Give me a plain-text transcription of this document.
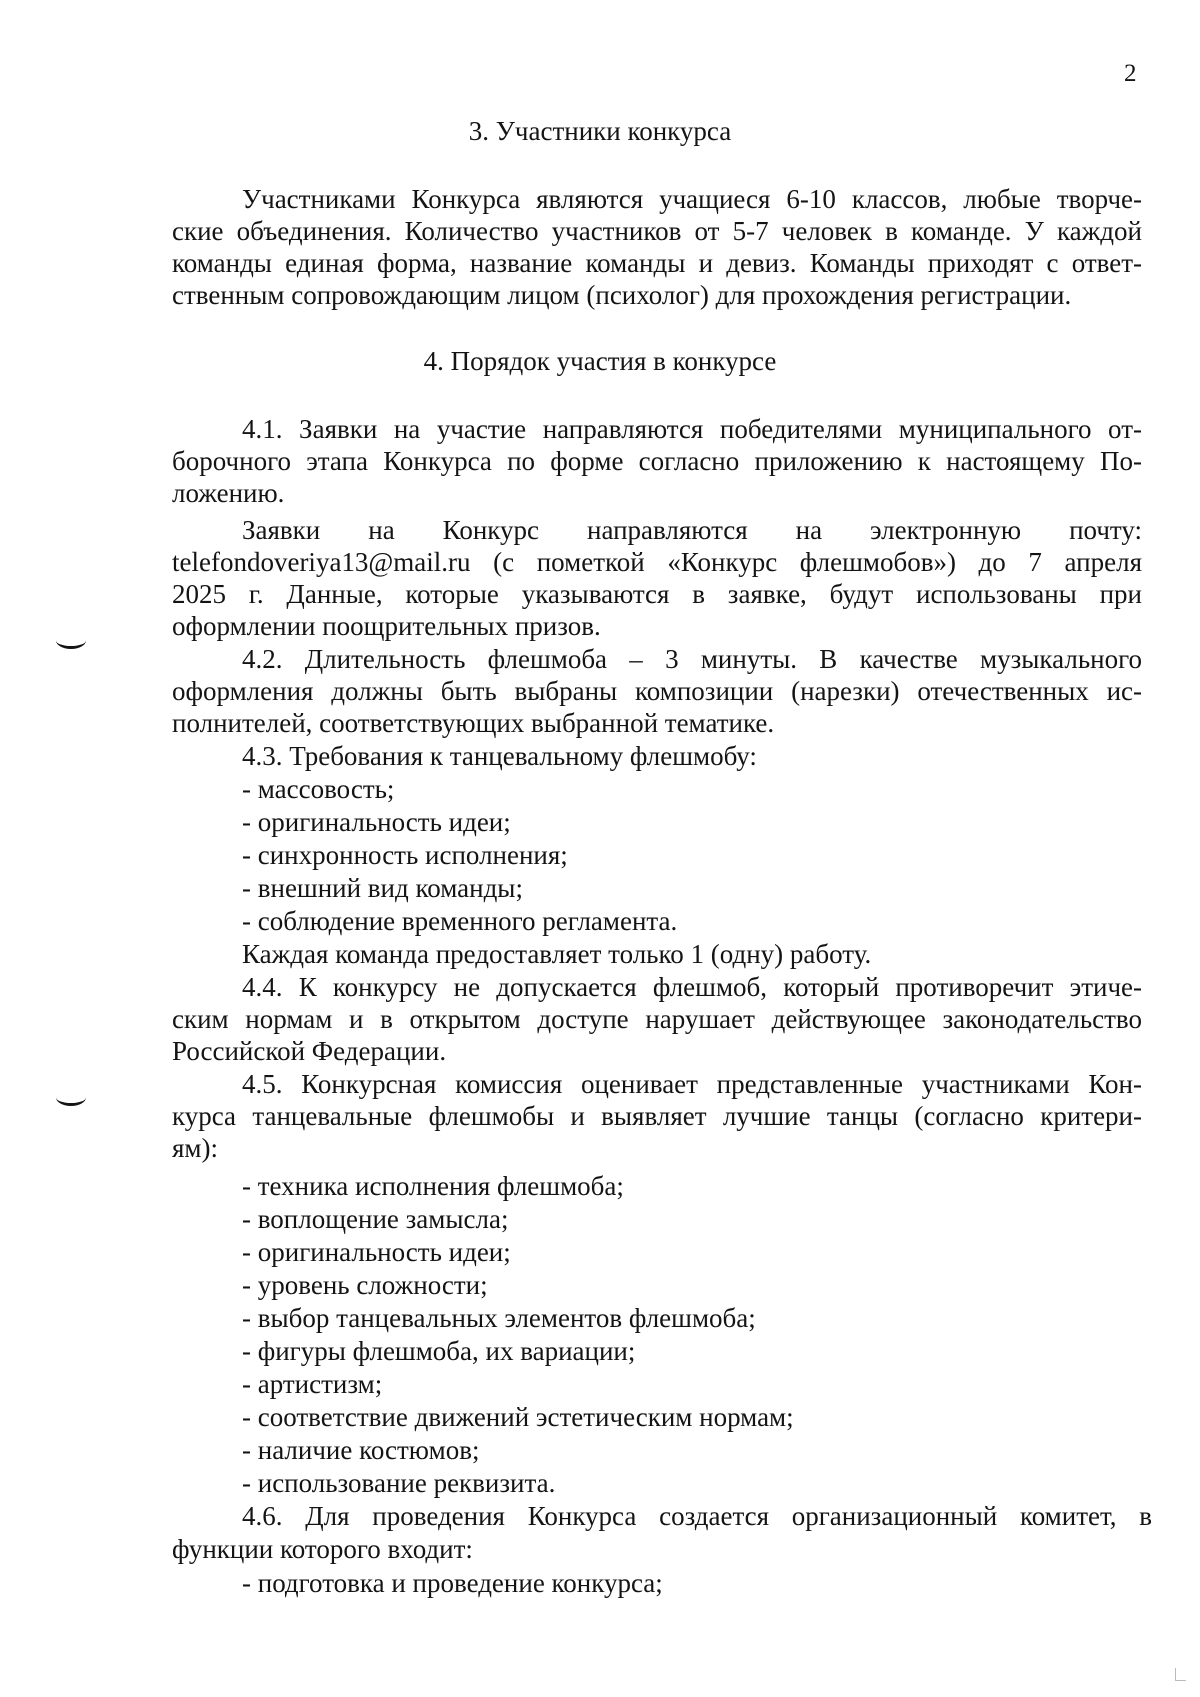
2
3. Участники конкурса
Участниками Конкурса являются учащиеся 6-10 классов, любые творче-
ские объединения. Количество участников от 5-7 человек в команде. У каждой
команды единая форма, название команды и девиз. Команды приходят с ответ-
ственным сопровождающим лицом (психолог) для прохождения регистрации.
4. Порядок участия в конкурсе
4.1. Заявки на участие направляются победителями муниципального от-
борочного этапа Конкурса по форме согласно приложению к настоящему По-
ложению.
Заявки на Конкурс направляются на электронную почту:
telefondoveriya13@mail.ru (с пометкой «Конкурс флешмобов») до 7 апреля
2025 г. Данные, которые указываются в заявке, будут использованы при
оформлении поощрительных призов.
4.2. Длительность флешмоба – 3 минуты. В качестве музыкального
оформления должны быть выбраны композиции (нарезки) отечественных ис-
полнителей, соответствующих выбранной тематике.
4.3. Требования к танцевальному флешмобу:
- массовость;
- оригинальность идеи;
- синхронность исполнения;
- внешний вид команды;
- соблюдение временного регламента.
Каждая команда предоставляет только 1 (одну) работу.
4.4. К конкурсу не допускается флешмоб, который противоречит этиче-
ским нормам и в открытом доступе нарушает действующее законодательство
Российской Федерации.
4.5. Конкурсная комиссия оценивает представленные участниками Кон-
курса танцевальные флешмобы и выявляет лучшие танцы (согласно критери-
ям):
- техника исполнения флешмоба;
- воплощение замысла;
- оригинальность идеи;
- уровень сложности;
- выбор танцевальных элементов флешмоба;
- фигуры флешмоба, их вариации;
- артистизм;
- соответствие движений эстетическим нормам;
- наличие костюмов;
- использование реквизита.
4.6. Для проведения Конкурса создается организационный комитет, в
функции которого входит:
- подготовка и проведение конкурса;
